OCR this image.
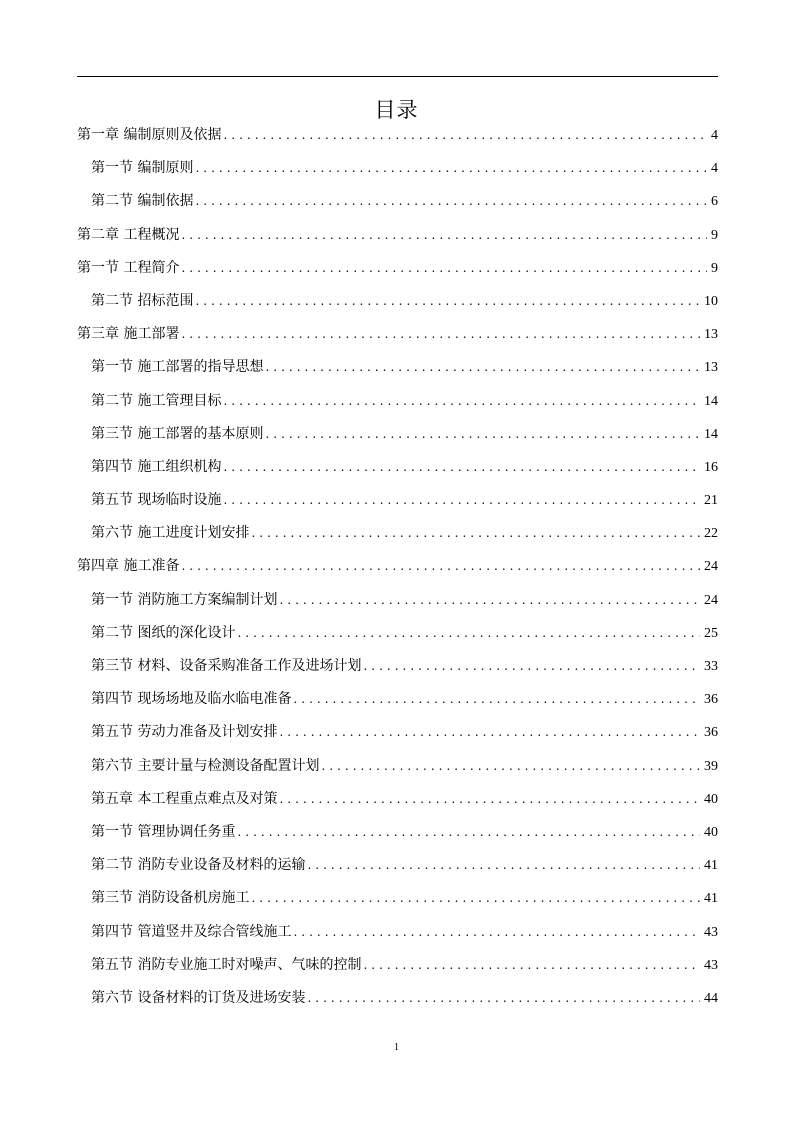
目录
第一章 编制原则及依据 .....	4
第一节 编制原则 .....	4
第二节 编制依据 .....	6
第二章 工程概况 .....	9
第一节 工程简介 .....	9
第二节 招标范围 .....	10
第三章 施工部署 .....	13
第一节 施工部署的指导思想 .....	13
第二节 施工管理目标 .....	14
第三节 施工部署的基本原则 .....	14
第四节 施工组织机构 .....	16
第五节 现场临时设施 .....	21
第六节 施工进度计划安排 .....	22
第四章 施工准备 .....	24
第一节 消防施工方案编制计划 .....	24
第二节 图纸的深化设计 .....	25
第三节 材料、设备采购准备工作及进场计划 .....	33
第四节 现场场地及临水临电准备 .....	36
第五节 劳动力准备及计划安排 .....	36
第六节 主要计量与检测设备配置计划 .....	39
第五章 本工程重点难点及对策 .....	40
第一节 管理协调任务重 .....	40
第二节 消防专业设备及材料的运输 .....	41
第三节 消防设备机房施工 .....	41
第四节 管道竖井及综合管线施工 .....	43
第五节 消防专业施工时对噪声、气味的控制 .....	43
第六节 设备材料的订货及进场安装 .....	44
1
